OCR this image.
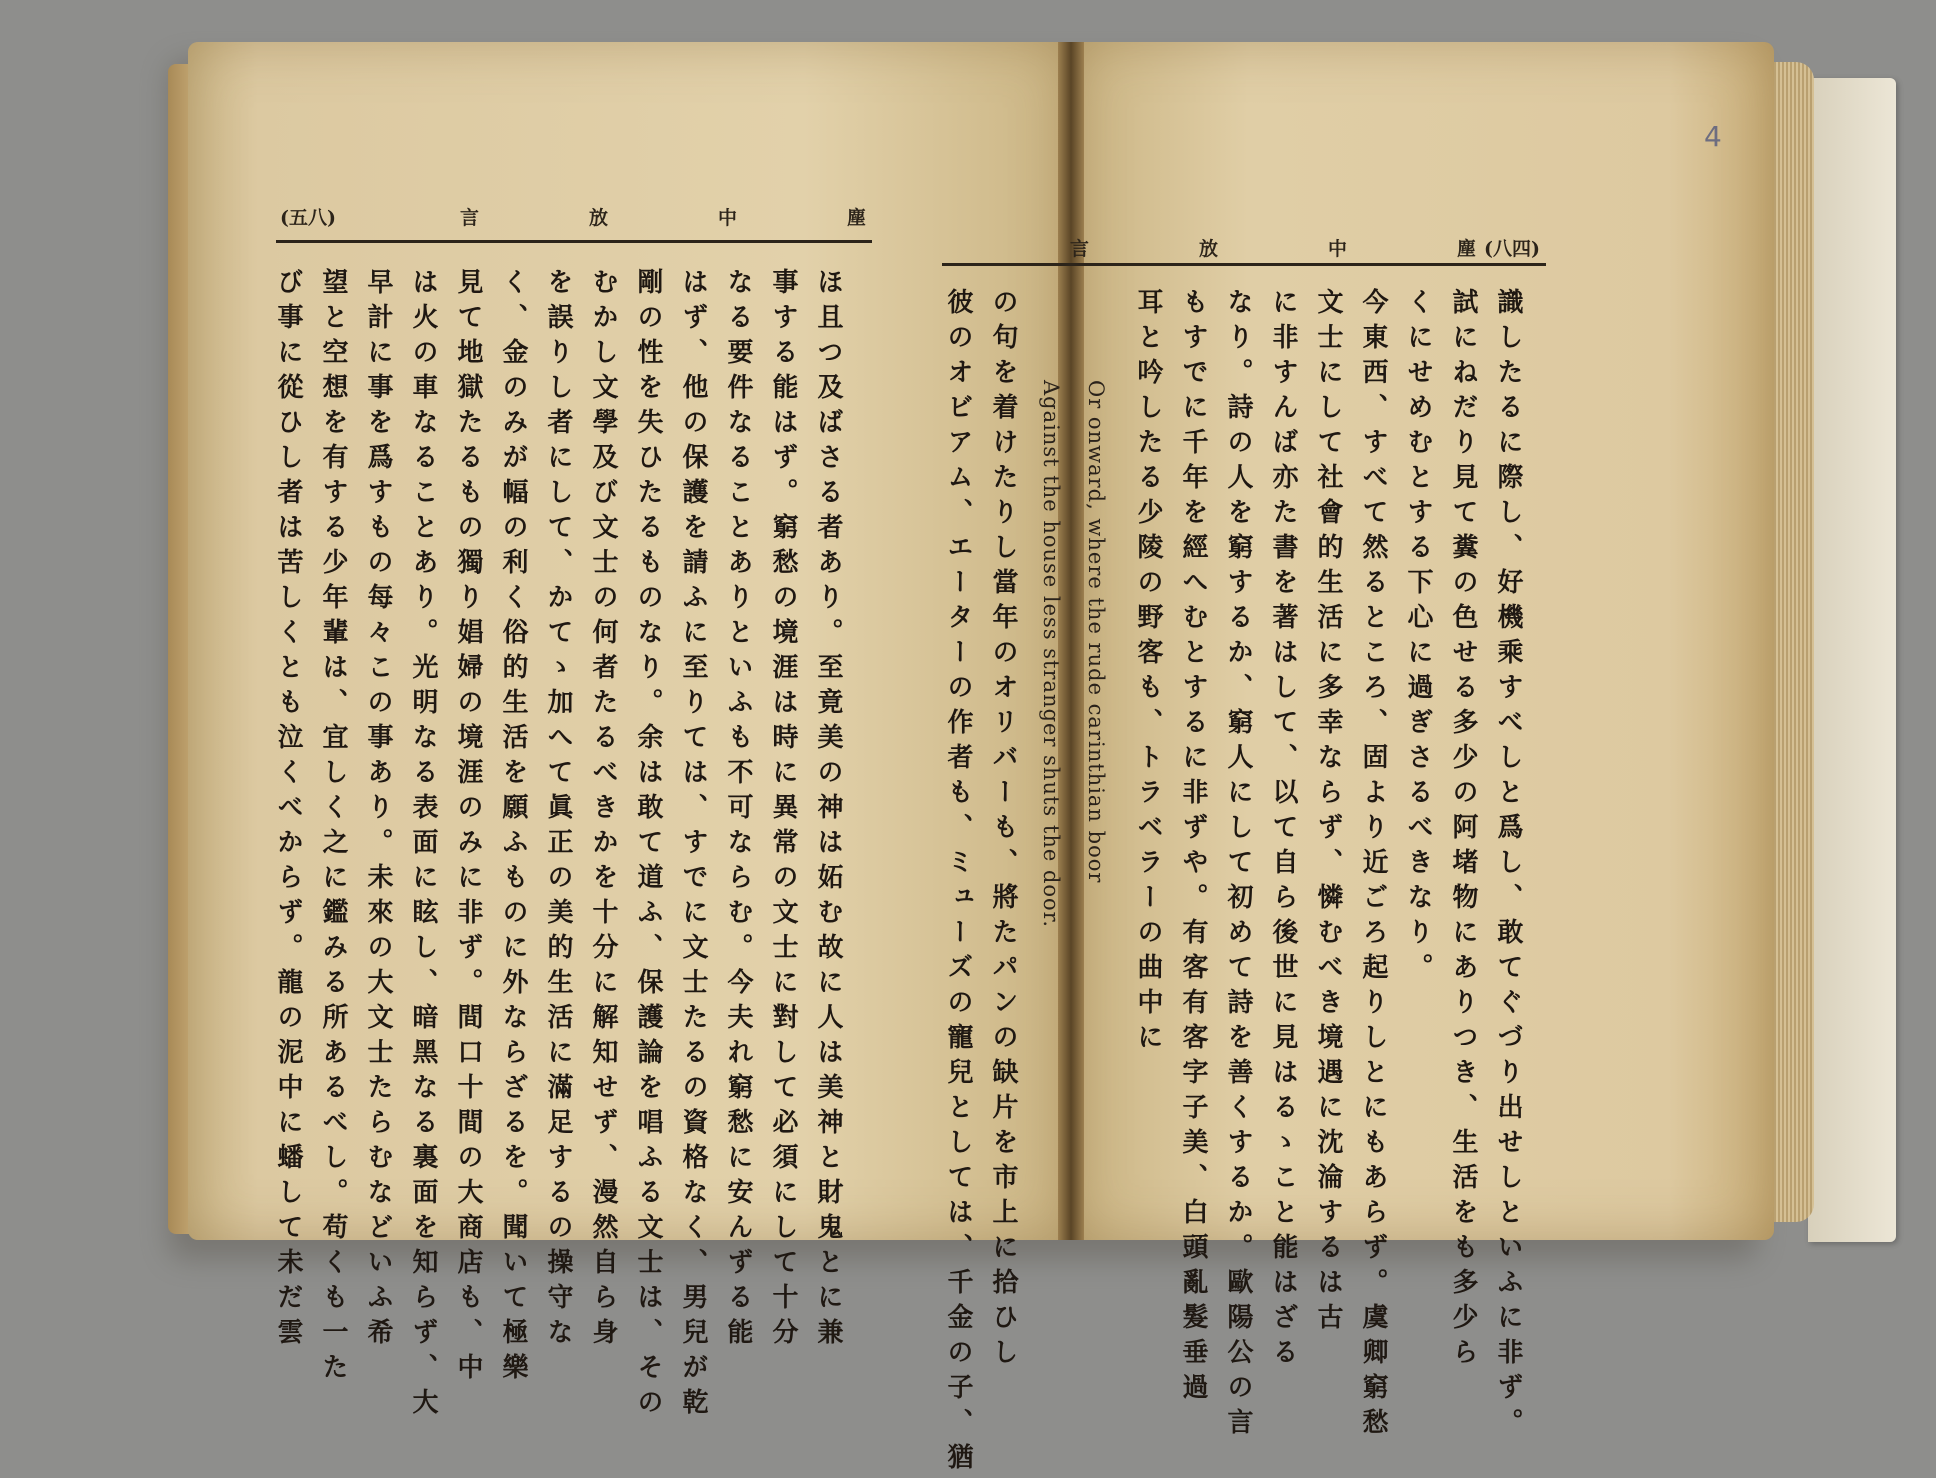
4
(五八)	言	放	中	塵
言	放	中	塵 (八四)
ほ且つ及ばさる者あり。至竟美の神は妬む故に人は美神と財鬼とに兼
事する能はず。窮愁の境涯は時に異常の文士に對して必須にして十分
なる要件なることありといふも不可ならむ。今夫れ窮愁に安んずる能
はず、他の保護を請ふに至りては、すでに文士たるの資格なく、男兒が乾
剛の性を失ひたるものなり。余は敢て道ふ、保護論を唱ふる文士は、その
むかし文學及び文士の何者たるべきかを十分に解知せず、漫然自ら身
を誤りし者にして、かてゝ加へて眞正の美的生活に滿足するの操守な
く、金のみが幅の利く俗的生活を願ふものに外ならざるを。聞いて極樂
見て地獄たるもの獨り娼婦の境涯のみに非ず。間口十間の大商店も、中
は火の車なることあり。光明なる表面に眩し、暗黑なる裏面を知らず、大
早計に事を爲すもの每々この事あり。未來の大文士たらむなどいふ希
望と空想を有する少年輩は、宜しく之に鑑みる所あるべし。苟くも一た
び事に從ひし者は苦しくとも泣くべからず。龍の泥中に蟠して未だ雲	識したるに際し、好機乘すべしと爲し、敢てぐづり出せしといふに非ず。
試にねだり見て糞の色せる多少の阿堵物にありつき、生活をも多少ら
くにせめむとする下心に過ぎさるべきなり。
今東西、すべて然るところ、固より近ごろ起りしとにもあらず。虞卿窮愁
文士にして社會的生活に多幸ならず、憐むべき境遇に沈淪するは古
に非すんば亦た書を著はして、以て自ら後世に見はるゝこと能はざる
なり。詩の人を窮するか、窮人にして初めて詩を善くするか。歐陽公の言
もすでに千年を經へむとするに非ずや。有客有客字子美、白頭亂髮垂過
耳と吟したる少陵の野客も、トラベラーの曲中に
Or onward, where the rude carinthian boor
Against the house less stranger shuts the door.
の句を着けたりし當年のオリバーも、將たパンの缺片を市上に拾ひし
彼のオビアム、エーターの作者も、ミューズの寵兒としては、千金の子、猶
